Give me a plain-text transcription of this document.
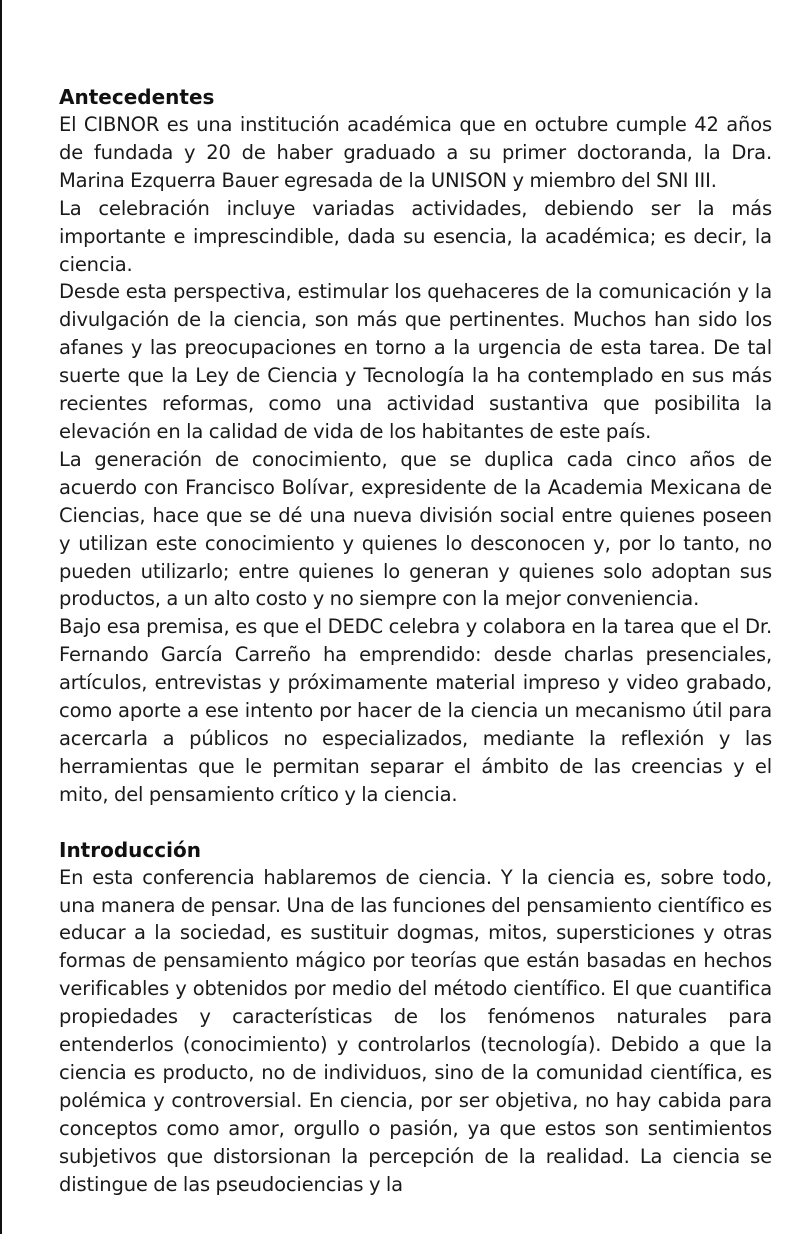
Antecedentes

El CIBNOR es una institución académica que en octubre cumple 42 años de fundada y 20 de haber graduado a su primer doctoranda, la Dra. Marina Ezquerra Bauer egresada de la UNISON y miembro del SNI III.

La celebración incluye variadas actividades, debiendo ser la más importante e imprescindible, dada su esencia, la académica; es decir, la ciencia.

Desde esta perspectiva, estimular los quehaceres de la comunicación y la divulgación de la ciencia, son más que pertinentes. Muchos han sido los afanes y las preocupaciones en torno a la urgencia de esta tarea. De tal suerte que la Ley de Ciencia y Tecnología la ha contemplado en sus más recientes reformas, como una actividad sustantiva que posibilita la elevación en la calidad de vida de los habitantes de este país.

La generación de conocimiento, que se duplica cada cinco años de acuerdo con Francisco Bolívar, expresidente de la Academia Mexicana de Ciencias, hace que se dé una nueva división social entre quienes poseen y utilizan este conocimiento y quienes lo desconocen y, por lo tanto, no pueden utilizarlo; entre quienes lo generan y quienes solo adoptan sus productos, a un alto costo y no siempre con la mejor conveniencia.

Bajo esa premisa, es que el DEDC celebra y colabora en la tarea que el Dr. Fernando García Carreño ha emprendido: desde charlas presenciales, artículos, entrevistas y próximamente material impreso y video grabado, como aporte a ese intento por hacer de la ciencia un mecanismo útil para acercarla a públicos no especializados, mediante la reflexión y las herramientas que le permitan separar el ámbito de las creencias y el mito, del pensamiento crítico y la ciencia.

Introducción

En esta conferencia hablaremos de ciencia. Y la ciencia es, sobre todo, una manera de pensar. Una de las funciones del pensamiento científico es educar a la sociedad, es sustituir dogmas, mitos, supersticiones y otras formas de pensamiento mágico por teorías que están basadas en hechos verificables y obtenidos por medio del método científico. El que cuantifica propiedades y características de los fenómenos naturales para entenderlos (conocimiento) y controlarlos (tecnología). Debido a que la ciencia es producto, no de individuos, sino de la comunidad científica, es polémica y controversial. En ciencia, por ser objetiva, no hay cabida para conceptos como amor, orgullo o pasión, ya que estos son sentimientos subjetivos que distorsionan la percepción de la realidad. La ciencia se distingue de las pseudociencias y la
